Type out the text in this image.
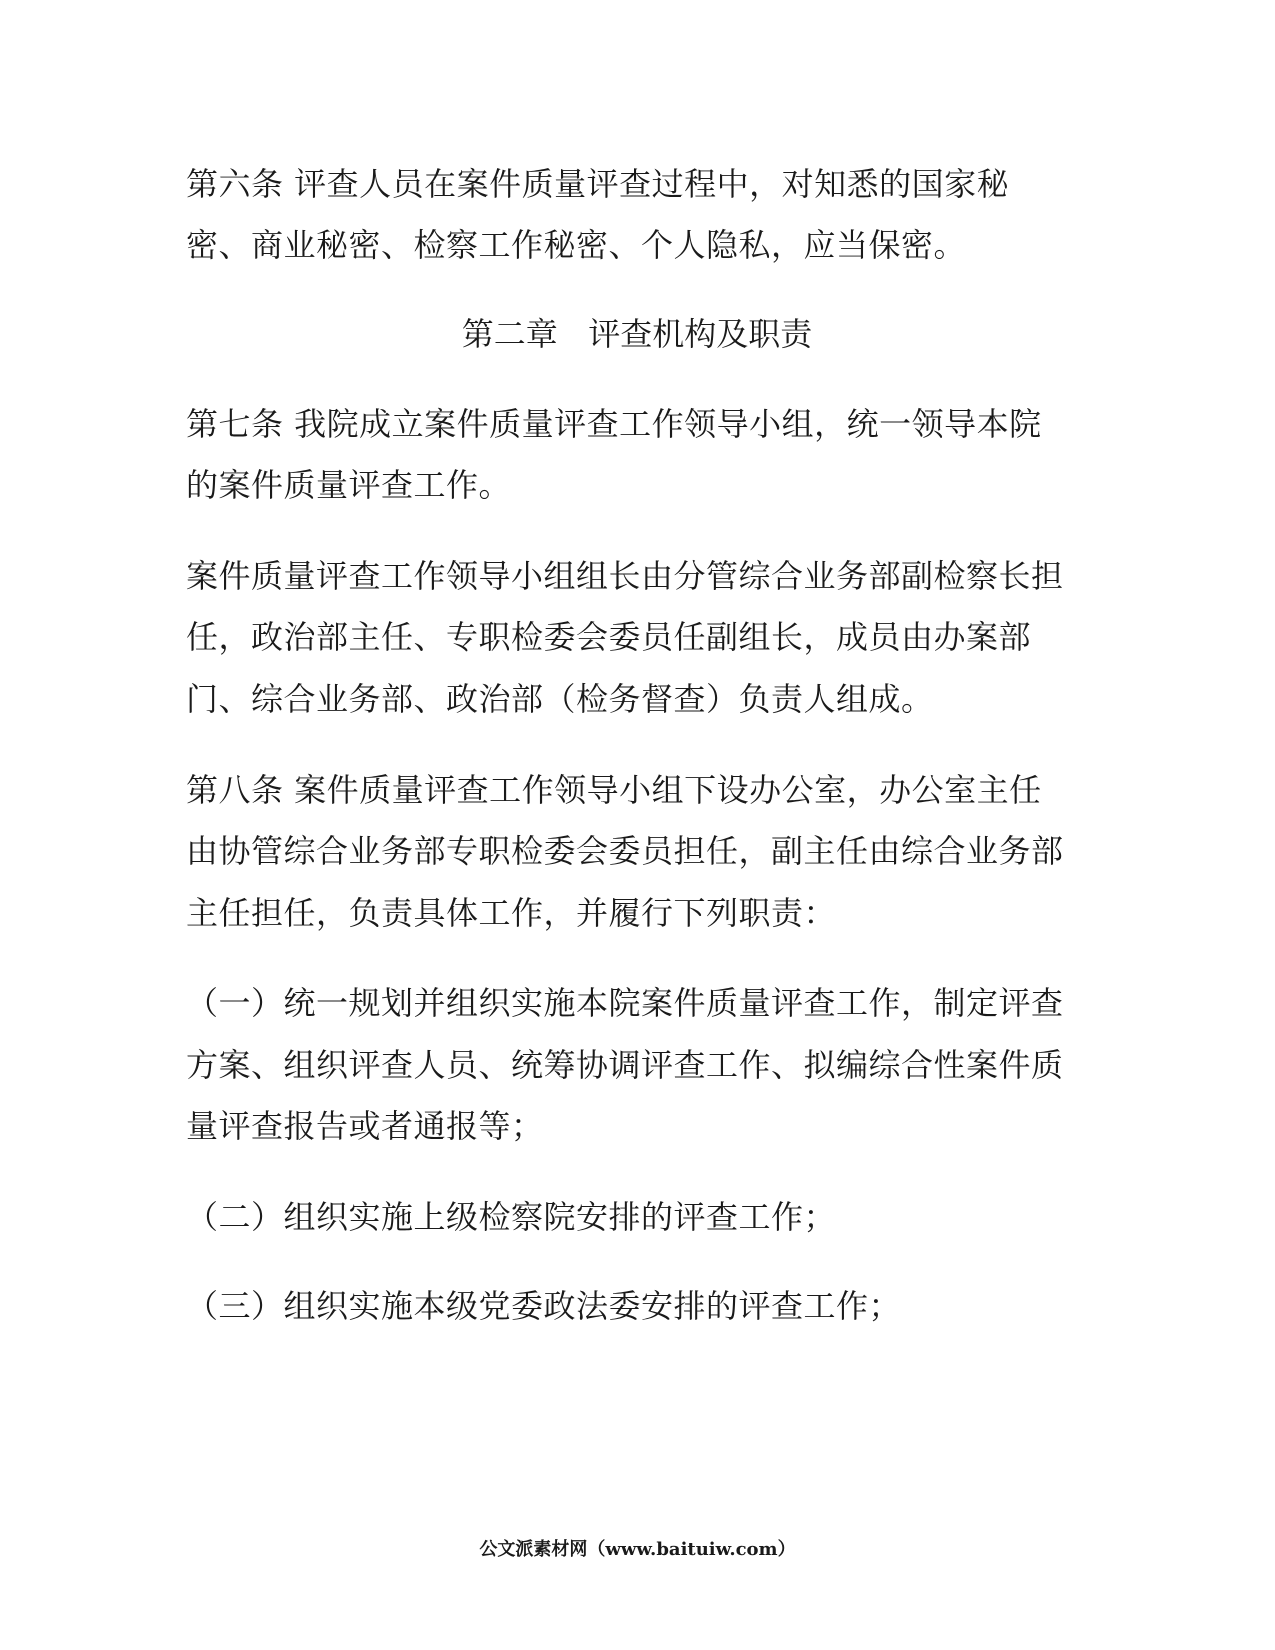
第六条 评查人员在案件质量评查过程中，对知悉的国家秘
密、商业秘密、检察工作秘密、个人隐私，应当保密。
第二章   评查机构及职责
第七条 我院成立案件质量评查工作领导小组，统一领导本院
的案件质量评查工作。
案件质量评查工作领导小组组长由分管综合业务部副检察长担
任，政治部主任、专职检委会委员任副组长，成员由办案部
门、综合业务部、政治部（检务督查）负责人组成。
第八条 案件质量评查工作领导小组下设办公室，办公室主任
由协管综合业务部专职检委会委员担任，副主任由综合业务部
主任担任，负责具体工作，并履行下列职责：
（一）统一规划并组织实施本院案件质量评查工作，制定评查
方案、组织评查人员、统筹协调评查工作、拟编综合性案件质
量评查报告或者通报等；
（二）组织实施上级检察院安排的评查工作；
（三）组织实施本级党委政法委安排的评查工作；
公文派素材网（www.baituiw.com）
